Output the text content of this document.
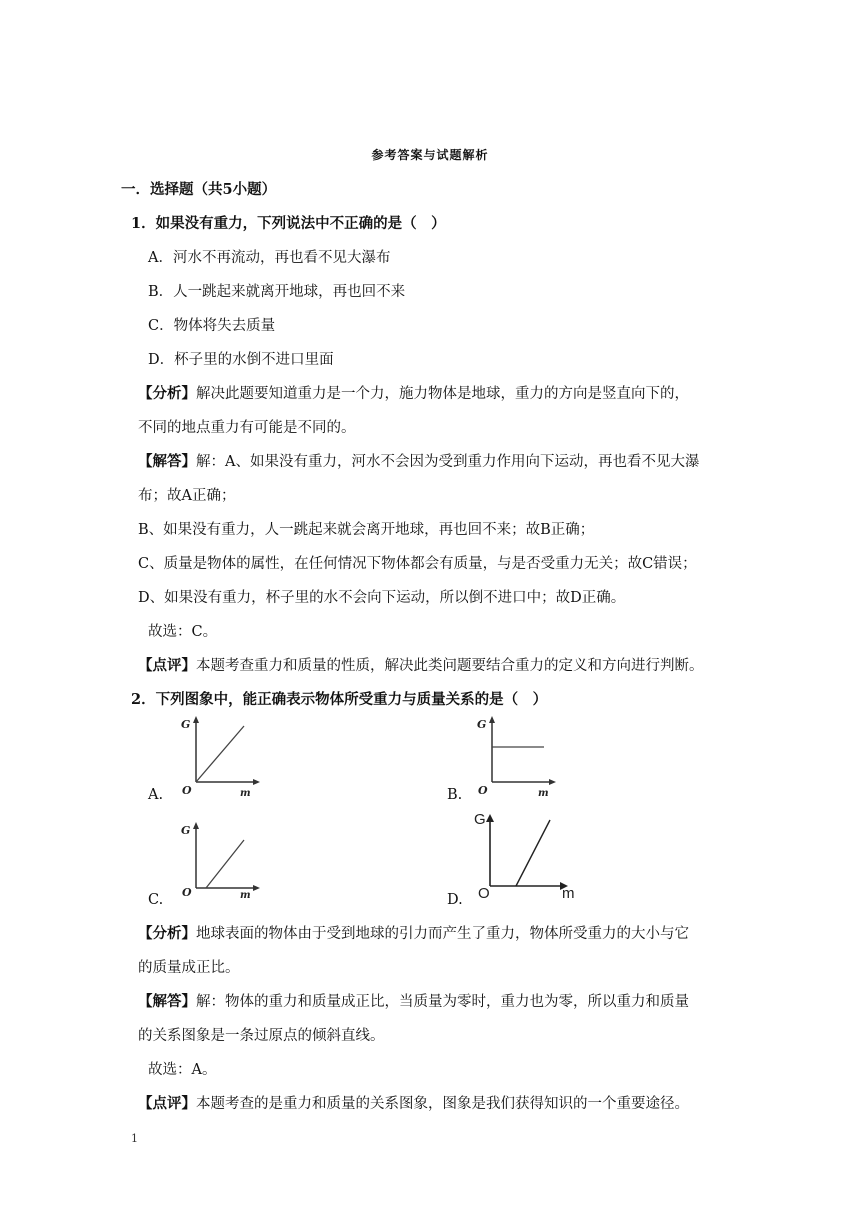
参考答案与试题解析
一．选择题（共5小题）
1．如果没有重力，下列说法中不正确的是（　）
A．河水不再流动，再也看不见大瀑布
B．人一跳起来就离开地球，再也回不来
C．物体将失去质量
D．杯子里的水倒不进口里面
【分析】解决此题要知道重力是一个力，施力物体是地球，重力的方向是竖直向下的，
不同的地点重力有可能是不同的。
【解答】解：A、如果没有重力，河水不会因为受到重力作用向下运动，再也看不见大瀑
布；故A正确；
B、如果没有重力，人一跳起来就会离开地球，再也回不来；故B正确；
C、质量是物体的属性，在任何情况下物体都会有质量，与是否受重力无关；故C错误；
D、如果没有重力，杯子里的水不会向下运动，所以倒不进口中；故D正确。
故选：C。
【点评】本题考查重力和质量的性质，解决此类问题要结合重力的定义和方向进行判断。
2．下列图象中，能正确表示物体所受重力与质量关系的是（　）
A.
G
O	m	B.
G
O	m
C.
G
O	m	D.
G
O	m
【分析】地球表面的物体由于受到地球的引力而产生了重力，物体所受重力的大小与它
的质量成正比。
【解答】解：物体的重力和质量成正比，当质量为零时，重力也为零，所以重力和质量
的关系图象是一条过原点的倾斜直线。
故选：A。
【点评】本题考查的是重力和质量的关系图象，图象是我们获得知识的一个重要途径。
1
